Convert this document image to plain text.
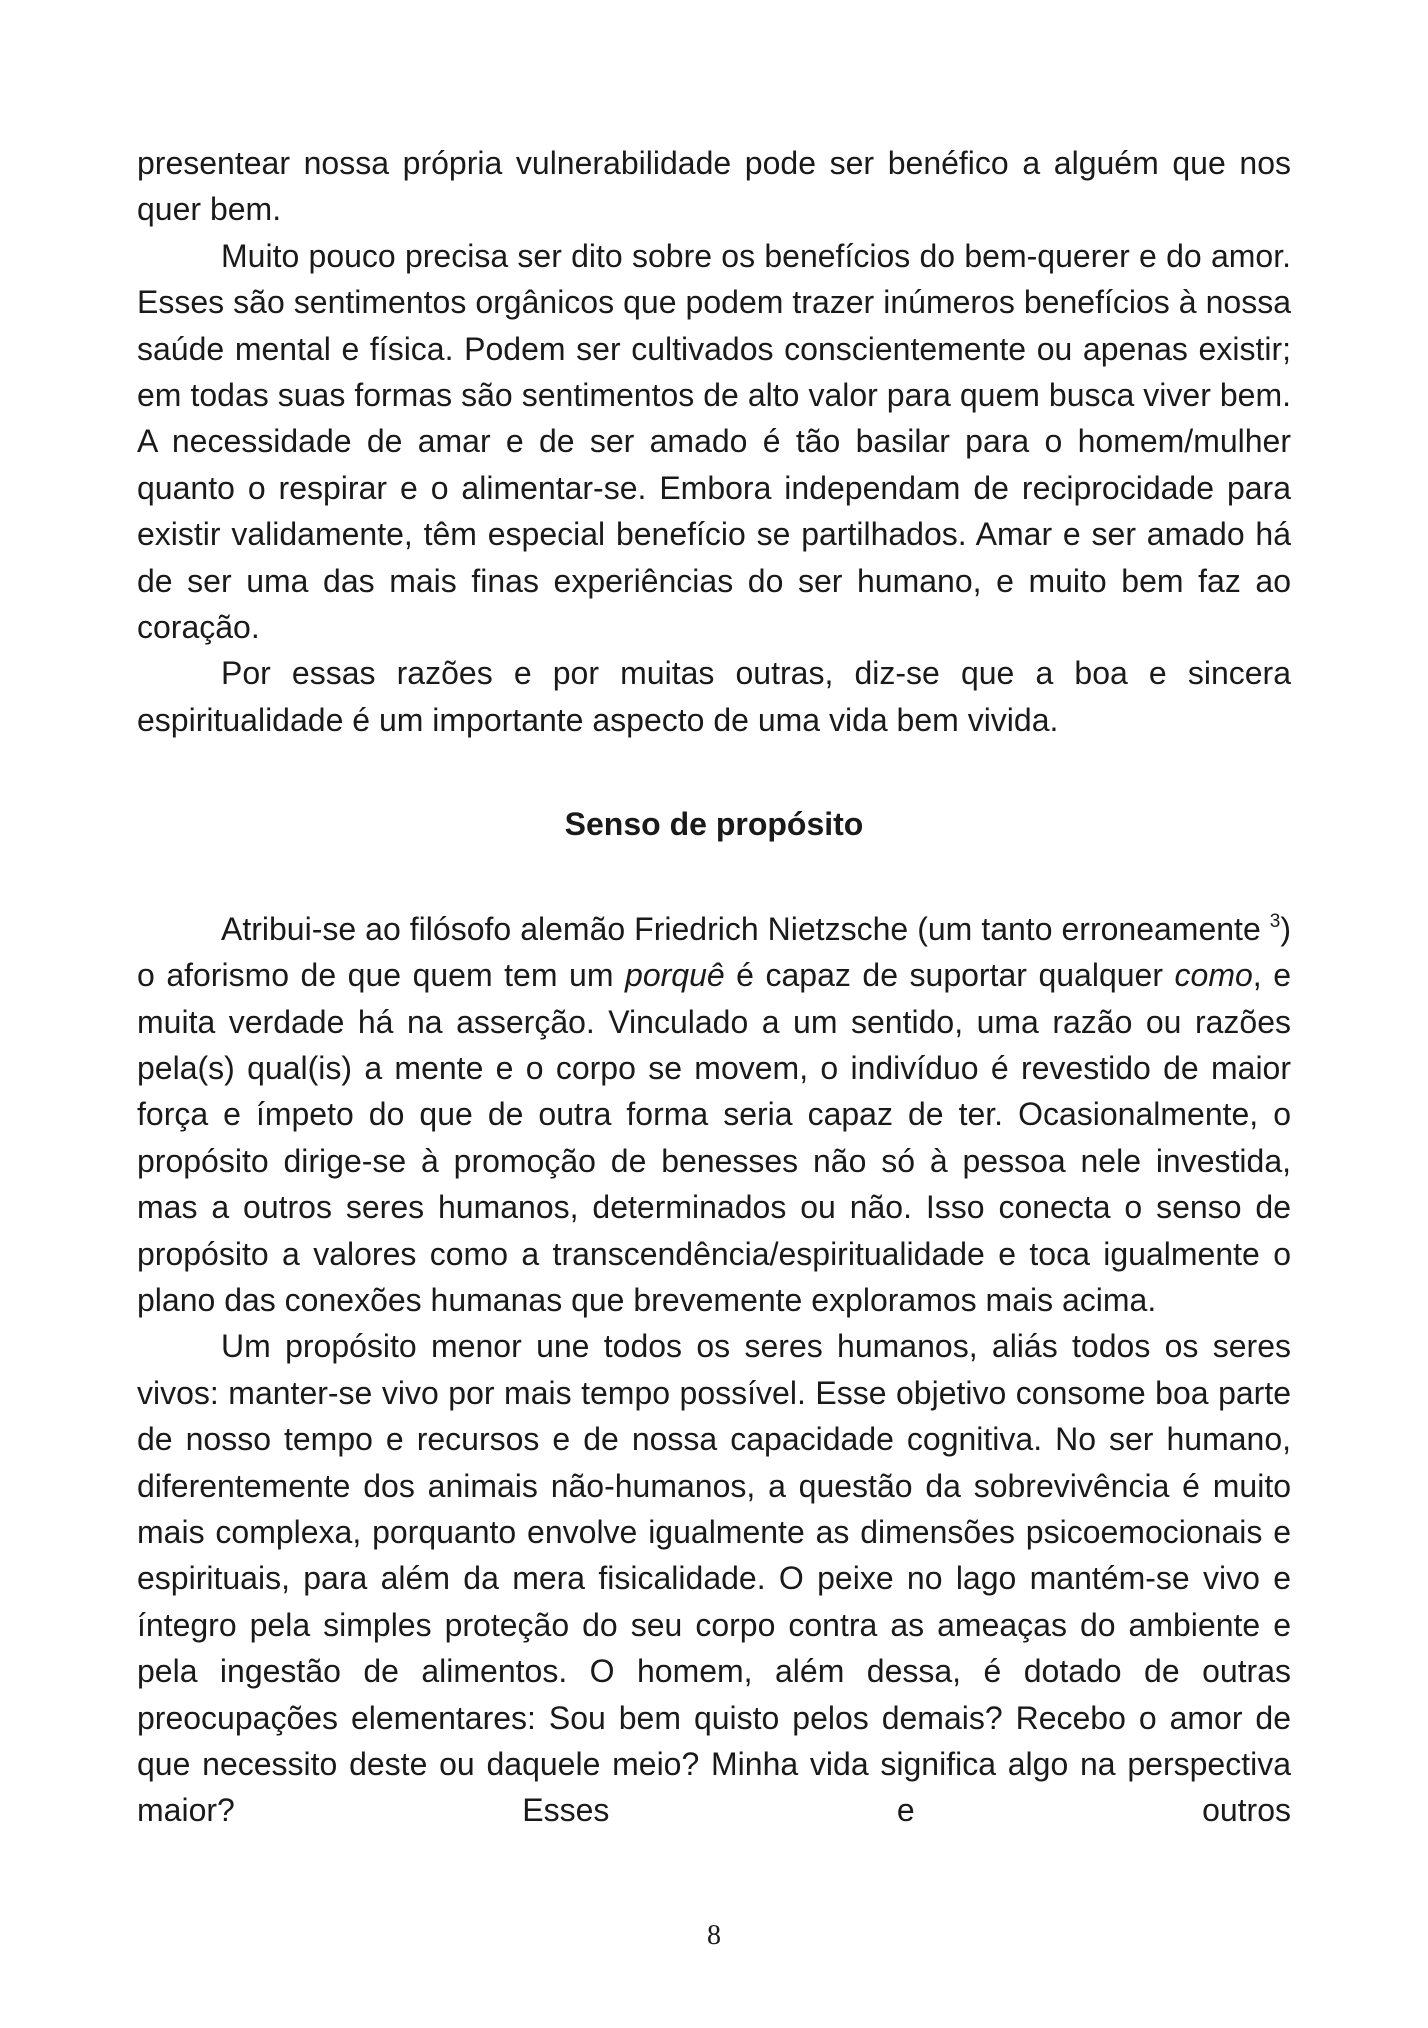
presentear nossa própria vulnerabilidade pode ser benéfico a alguém que nos quer bem.

Muito pouco precisa ser dito sobre os benefícios do bem-querer e do amor. Esses são sentimentos orgânicos que podem trazer inúmeros benefícios à nossa saúde mental e física. Podem ser cultivados conscientemente ou apenas existir; em todas suas formas são sentimentos de alto valor para quem busca viver bem. A necessidade de amar e de ser amado é tão basilar para o homem/mulher quanto o respirar e o alimentar-se. Embora independam de reciprocidade para existir validamente, têm especial benefício se partilhados. Amar e ser amado há de ser uma das mais finas experiências do ser humano, e muito bem faz ao coração.

Por essas razões e por muitas outras, diz-se que a boa e sincera espiritualidade é um importante aspecto de uma vida bem vivida.

Senso de propósito

Atribui-se ao filósofo alemão Friedrich Nietzsche (um tanto erroneamente $^3$) o aforismo de que quem tem um porquê é capaz de suportar qualquer como, e muita verdade há na asserção. Vinculado a um sentido, uma razão ou razões pela(s) qual(is) a mente e o corpo se movem, o indivíduo é revestido de maior força e ímpeto do que de outra forma seria capaz de ter. Ocasionalmente, o propósito dirige-se à promoção de benesses não só à pessoa nele investida, mas a outros seres humanos, determinados ou não. Isso conecta o senso de propósito a valores como a transcendência/espiritualidade e toca igualmente o plano das conexões humanas que brevemente exploramos mais acima.

Um propósito menor une todos os seres humanos, aliás todos os seres vivos: manter-se vivo por mais tempo possível. Esse objetivo consome boa parte de nosso tempo e recursos e de nossa capacidade cognitiva. No ser humano, diferentemente dos animais não-humanos, a questão da sobrevivência é muito mais complexa, porquanto envolve igualmente as dimensões psicoemocionais e espirituais, para além da mera fisicalidade. O peixe no lago mantém-se vivo e íntegro pela simples proteção do seu corpo contra as ameaças do ambiente e pela ingestão de alimentos. O homem, além dessa, é dotado de outras preocupações elementares: Sou bem quisto pelos demais? Recebo o amor de que necessito deste ou daquele meio? Minha vida significa algo na perspectiva maior? Esses e outros

8
